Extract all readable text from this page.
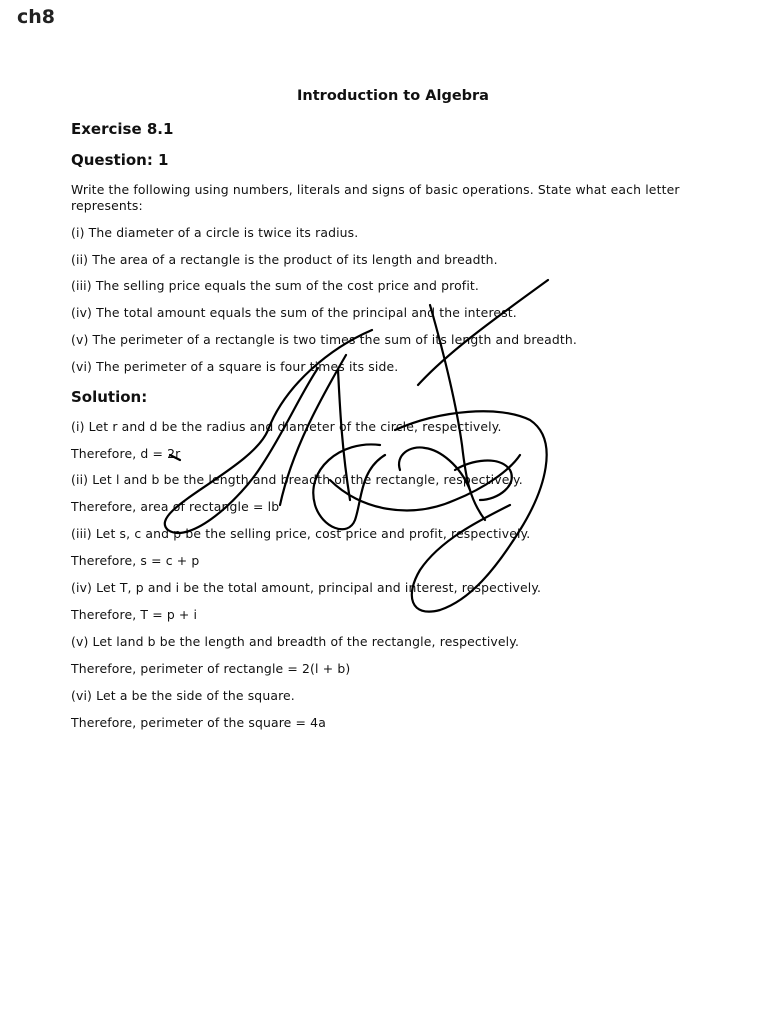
ch8
Introduction to Algebra
Exercise 8.1
Question: 1
Write the following using numbers, literals and signs of basic operations. State what each letter represents:
(i) The diameter of a circle is twice its radius.
(ii) The area of a rectangle is the product of its length and breadth.
(iii) The selling price equals the sum of the cost price and profit.
(iv) The total amount equals the sum of the principal and the interest.
(v) The perimeter of a rectangle is two times the sum of its length and breadth.
(vi) The perimeter of a square is four times its side.
Solution:
(i) Let r and d be the radius and diameter of the circle, respectively.
Therefore, d = 2r
(ii) Let l and b be the length and breadth of the rectangle, respectively.
Therefore, area of rectangle = lb
(iii) Let s, c and p be the selling price, cost price and profit, respectively.
Therefore, s = c + p
(iv) Let T, p and i be the total amount, principal and interest, respectively.
Therefore, T = p + i
(v) Let land b be the length and breadth of the rectangle, respectively.
Therefore, perimeter of rectangle = 2(l + b)
(vi) Let a be the side of the square.
Therefore, perimeter of the square = 4a
